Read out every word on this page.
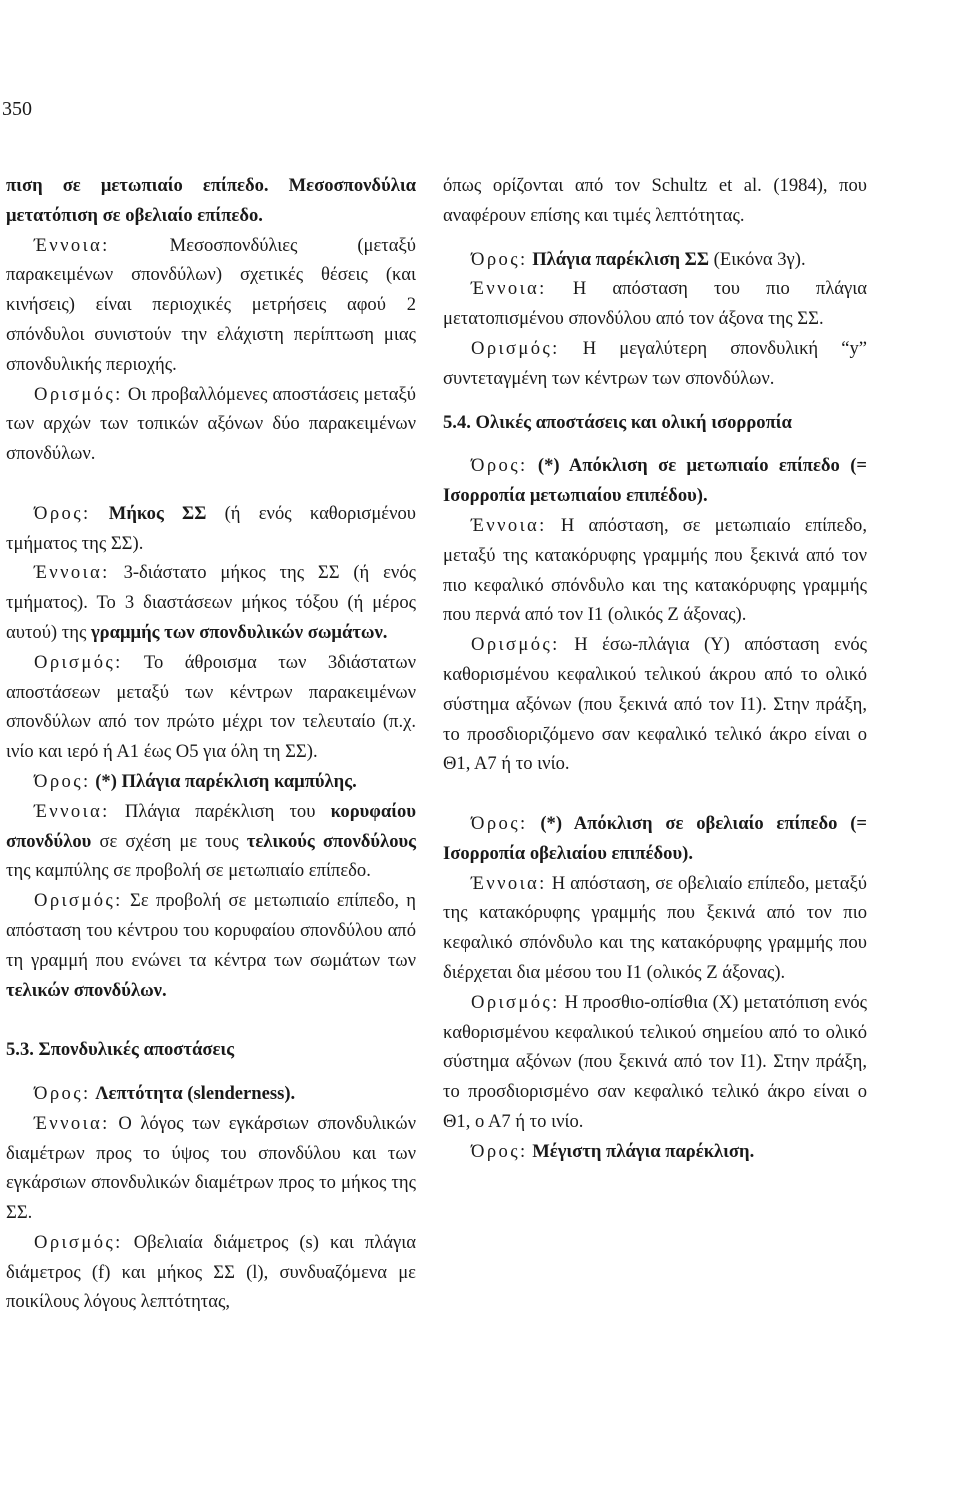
350

πιση σε μετωπιαίο επίπεδο. Μεσοσπονδύλια μετατόπιση σε οβελιαίο επίπεδο.

Έννοια:	Μεσοσπονδύλιες (μεταξύ παρακειμένων σπονδύλων) σχετικές θέσεις (και κινήσεις) είναι περιοχικές μετρήσεις αφού 2 σπόνδυλοι συνιστούν την ελάχιστη περίπτωση μιας σπονδυλικής περιοχής.

Ορισμός: Οι προβαλλόμενες αποστάσεις μεταξύ των αρχών των τοπικών αξόνων δύο παρακειμένων σπονδύλων.

Όρος: Μήκος ΣΣ (ή ενός καθορισμένου τμήματος της ΣΣ).

Έννοια: 3-διάστατο μήκος της ΣΣ (ή ενός τμήματος). Το 3 διαστάσεων μήκος τόξου (ή μέρος αυτού) της γραμμής των σπονδυλικών σωμάτων.

Ορισμός: Το άθροισμα των 3διάστατων αποστάσεων μεταξύ των κέντρων παρακειμένων σπονδύλων από τον πρώτο μέχρι τον τελευταίο (π.χ. ινίο και ιερό ή Α1 έως Ο5 για όλη τη ΣΣ).

Όρος: (*) Πλάγια παρέκλιση καμπύλης.

Έννοια: Πλάγια παρέκλιση του κορυφαίου σπονδύλου σε σχέση με τους τελικούς σπονδύλους της καμπύλης σε προβολή σε μετωπιαίο επίπεδο.

Ορισμός: Σε προβολή σε μετωπιαίο επίπεδο, η απόσταση του κέντρου του κορυφαίου σπονδύλου από τη γραμμή που ενώνει τα κέντρα των σωμάτων των τελικών σπονδύλων.

5.3. Σπονδυλικές αποστάσεις

Όρος: Λεπτότητα (slenderness).

Έννοια: Ο λόγος των εγκάρσιων σπονδυλικών διαμέτρων προς το ύψος του σπονδύλου και των εγκάρσιων σπονδυλικών διαμέτρων προς το μήκος της ΣΣ.

Ορισμός: Οβελιαία διάμετρος (s) και πλάγια διάμετρος (f) και μήκος ΣΣ (l), συνδυαζόμενα με ποικίλους λόγους λεπτότητας,

όπως ορίζονται από τον Schultz et al. (1984), που αναφέρουν επίσης και τιμές λεπτότητας.

Όρος: Πλάγια παρέκλιση ΣΣ (Εικόνα 3γ).

Έννοια: Η απόσταση του πιο πλάγια μετατοπισμένου σπονδύλου από τον άξονα της ΣΣ.

Ορισμός: Η μεγαλύτερη σπονδυλική “y” συντεταγμένη των κέντρων των σπονδύλων.

5.4. Ολικές αποστάσεις και ολική ισορροπία

Όρος: (*) Απόκλιση σε μετωπιαίο επίπεδο (= Ισορροπία μετωπιαίου επιπέδου).

Έννοια: Η απόσταση, σε μετωπιαίο επίπεδο, μεταξύ της κατακόρυφης γραμμής που ξεκινά από τον πιο κεφαλικό σπόνδυλο και της κατακόρυφης γραμμής που περνά από τον Ι1 (ολικός Ζ άξονας).

Ορισμός: Η έσω-πλάγια (Y) απόσταση ενός καθορισμένου κεφαλικού τελικού άκρου από το ολικό σύστημα αξόνων (που ξεκινά από τον Ι1). Στην πράξη, το προσδιοριζόμενο σαν κεφαλικό τελικό άκρο είναι ο Θ1, Α7 ή το ινίο.

Όρος: (*) Απόκλιση σε οβελιαίο επίπεδο (= Ισορροπία οβελιαίου επιπέδου).

Έννοια: Η απόσταση, σε οβελιαίο επίπεδο, μεταξύ της κατακόρυφης γραμμής που ξεκινά από τον πιο κεφαλικό σπόνδυλο και της κατακόρυφης γραμμής που διέρχεται δια μέσου του Ι1 (ολικός Ζ άξονας).

Ορισμός: Η προσθιο-οπίσθια (X) μετατόπιση ενός καθορισμένου κεφαλικού τελικού σημείου από το ολικό σύστημα αξόνων (που ξεκινά από τον Ι1). Στην πράξη, το προσδιορισμένο σαν κεφαλικό τελικό άκρο είναι ο Θ1, ο Α7 ή το ινίο.

Όρος: Μέγιστη πλάγια παρέκλιση.
